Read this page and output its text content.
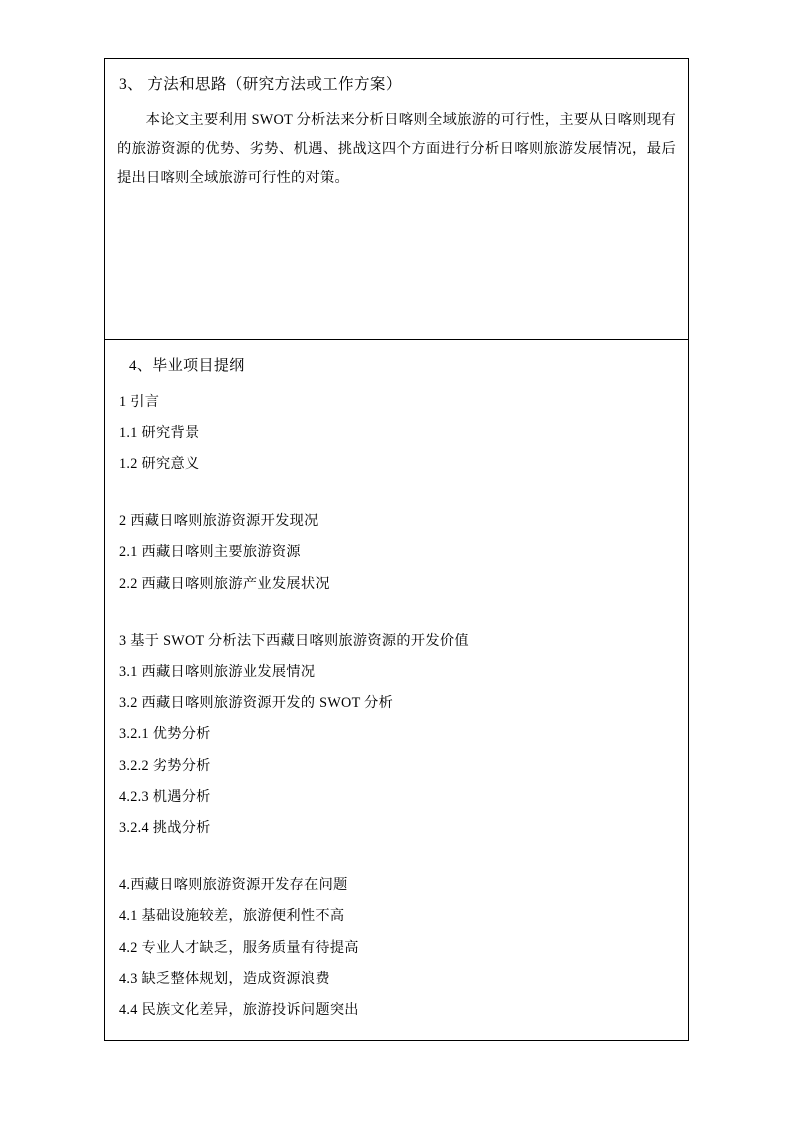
3、 方法和思路（研究方法或工作方案）
本论文主要利用 SWOT 分析法来分析日喀则全域旅游的可行性，主要从日喀则现有的旅游资源的优势、劣势、机遇、挑战这四个方面进行分析日喀则旅游发展情况，最后提出日喀则全域旅游可行性的对策。

4、毕业项目提纲
1 引言
1.1 研究背景
1.2 研究意义
2 西藏日喀则旅游资源开发现况
2.1 西藏日喀则主要旅游资源
2.2 西藏日喀则旅游产业发展状况
3 基于 SWOT 分析法下西藏日喀则旅游资源的开发价值
3.1 西藏日喀则旅游业发展情况
3.2 西藏日喀则旅游资源开发的 SWOT 分析
3.2.1 优势分析
3.2.2 劣势分析
4.2.3 机遇分析
3.2.4 挑战分析
4.西藏日喀则旅游资源开发存在问题
4.1 基础设施较差，旅游便利性不高
4.2 专业人才缺乏，服务质量有待提高
4.3 缺乏整体规划，造成资源浪费
4.4 民族文化差异，旅游投诉问题突出
